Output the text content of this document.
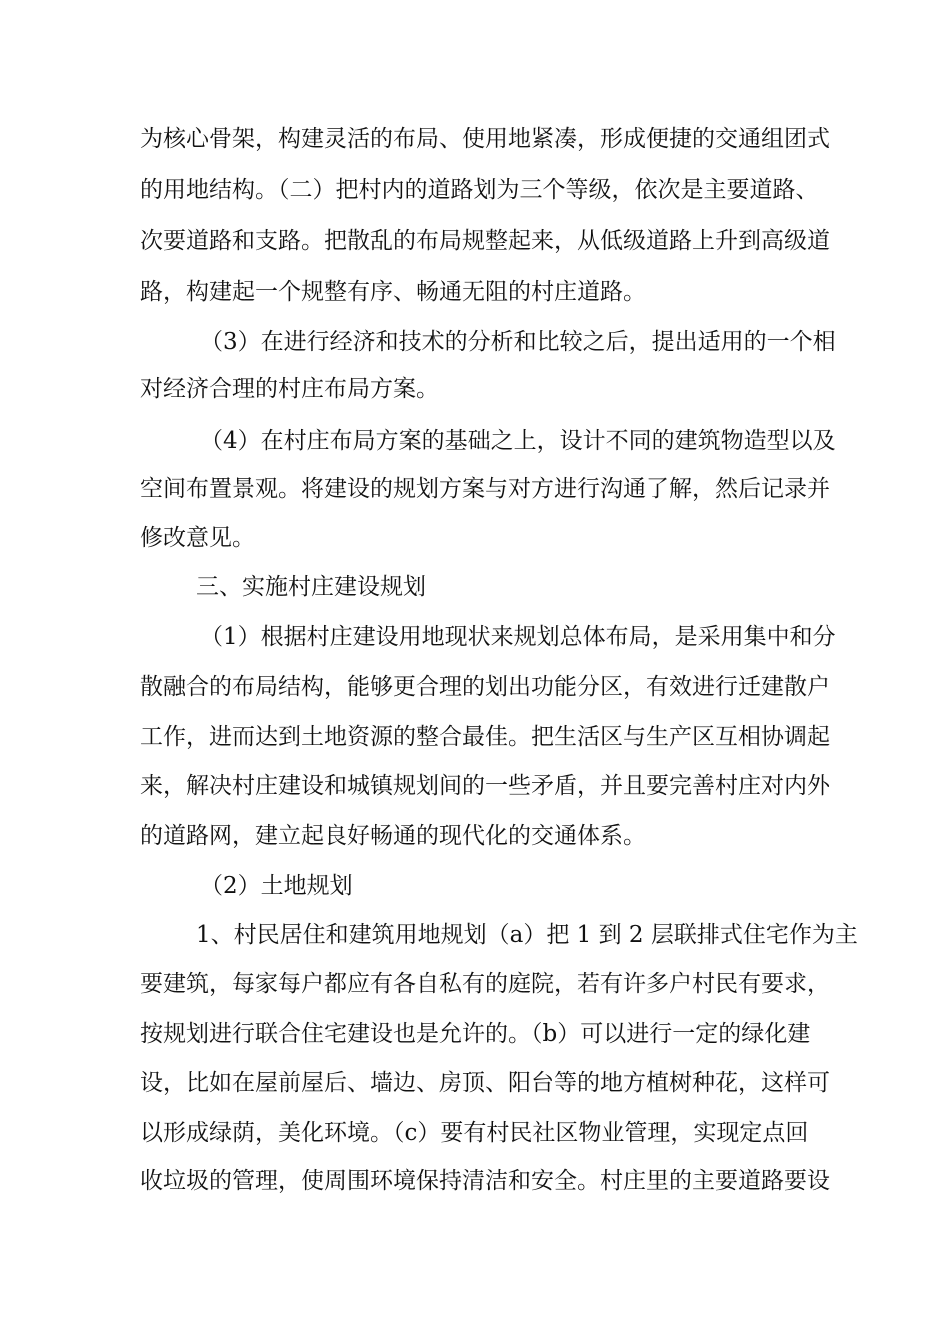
为核心骨架，构建灵活的布局、使用地紧凑，形成便捷的交通组团式
的用地结构。（二）把村内的道路划为三个等级，依次是主要道路、
次要道路和支路。把散乱的布局规整起来，从低级道路上升到高级道
路，构建起一个规整有序、畅通无阻的村庄道路。
（3）在进行经济和技术的分析和比较之后，提出适用的一个相
对经济合理的村庄布局方案。
（4）在村庄布局方案的基础之上，设计不同的建筑物造型以及
空间布置景观。将建设的规划方案与对方进行沟通了解，然后记录并
修改意见。
三、实施村庄建设规划
（1）根据村庄建设用地现状来规划总体布局，是采用集中和分
散融合的布局结构，能够更合理的划出功能分区，有效进行迁建散户
工作，进而达到土地资源的整合最佳。把生活区与生产区互相协调起
来，解决村庄建设和城镇规划间的一些矛盾，并且要完善村庄对内外
的道路网，建立起良好畅通的现代化的交通体系。
（2）土地规划
1、村民居住和建筑用地规划（a）把 1 到 2 层联排式住宅作为主
要建筑，每家每户都应有各自私有的庭院，若有许多户村民有要求，
按规划进行联合住宅建设也是允许的。（b）可以进行一定的绿化建
设，比如在屋前屋后、墙边、房顶、阳台等的地方植树种花，这样可
以形成绿荫，美化环境。（c）要有村民社区物业管理，实现定点回
收垃圾的管理，使周围环境保持清洁和安全。村庄里的主要道路要设
